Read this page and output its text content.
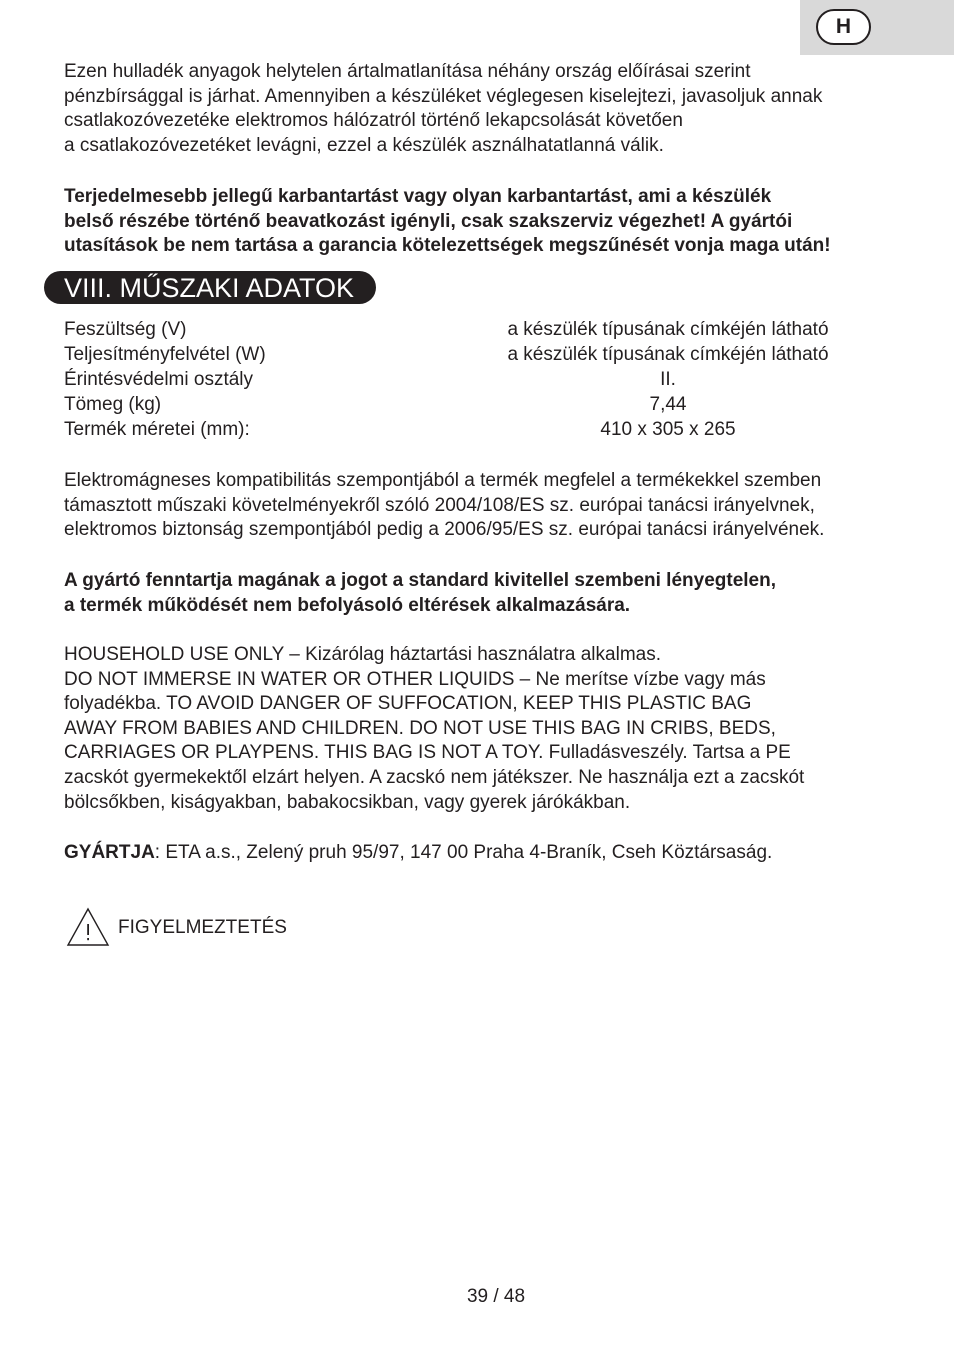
H

Ezen hulladék anyagok helytelen ártalmatlanítása néhány ország előírásai szerint

pénzbírsággal is járhat. Amennyiben a készüléket véglegesen kiselejtezi, javasoljuk annak

csatlakozóvezetéke elektromos hálózatról történő lekapcsolását követően

a csatlakozóvezetéket levágni, ezzel a készülék asználhatatlanná válik.

Terjedelmesebb jellegű karbantartást vagy olyan karbantartást, ami a készülék

belső részébe történő beavatkozást igényli, csak szakszerviz végezhet! A gyártói

utasítások be nem tartása a garancia kötelezettségek megszűnését vonja maga után!

VIII. MŰSZAKI ADATOK
Feszültség (V)	a készülék típusának címkéjén látható
Teljesítményfelvétel (W)	a készülék típusának címkéjén látható
Érintésvédelmi osztály	II.
Tömeg (kg)	7,44
Termék méretei (mm):	410 x 305 x 265

Elektromágneses kompatibilitás szempontjából a termék megfelel a termékekkel szemben

támasztott műszaki követelményekről szóló 2004/108/ES sz. európai tanácsi irányelvnek,

elektromos biztonság szempontjából pedig a 2006/95/ES sz. európai tanácsi irányelvének.

A gyártó fenntartja magának a jogot a standard kivitellel szembeni lényegtelen,

a termék működését nem befolyásoló eltérések alkalmazására.

HOUSEHOLD USE ONLY – Kizárólag háztartási használatra alkalmas.

DO NOT IMMERSE IN WATER OR OTHER LIQUIDS – Ne merítse vízbe vagy más

folyadékba. TO AVOID DANGER OF SUFFOCATION, KEEP THIS PLASTIC BAG

AWAY FROM BABIES AND CHILDREN. DO NOT USE THIS BAG IN CRIBS, BEDS,

CARRIAGES OR PLAYPENS. THIS BAG IS NOT A TOY. Fulladásveszély. Tartsa a PE

zacskót gyermekektől elzárt helyen. A zacskó nem játékszer. Ne használja ezt a zacskót

bölcsőkben, kiságyakban, babakocsikban, vagy gyerek járókákban.

GYÁRTJA: ETA a.s., Zelený pruh 95/97, 147 00 Praha 4-Braník, Cseh Köztársaság.

FIGYELMEZTETÉS
39 / 48
